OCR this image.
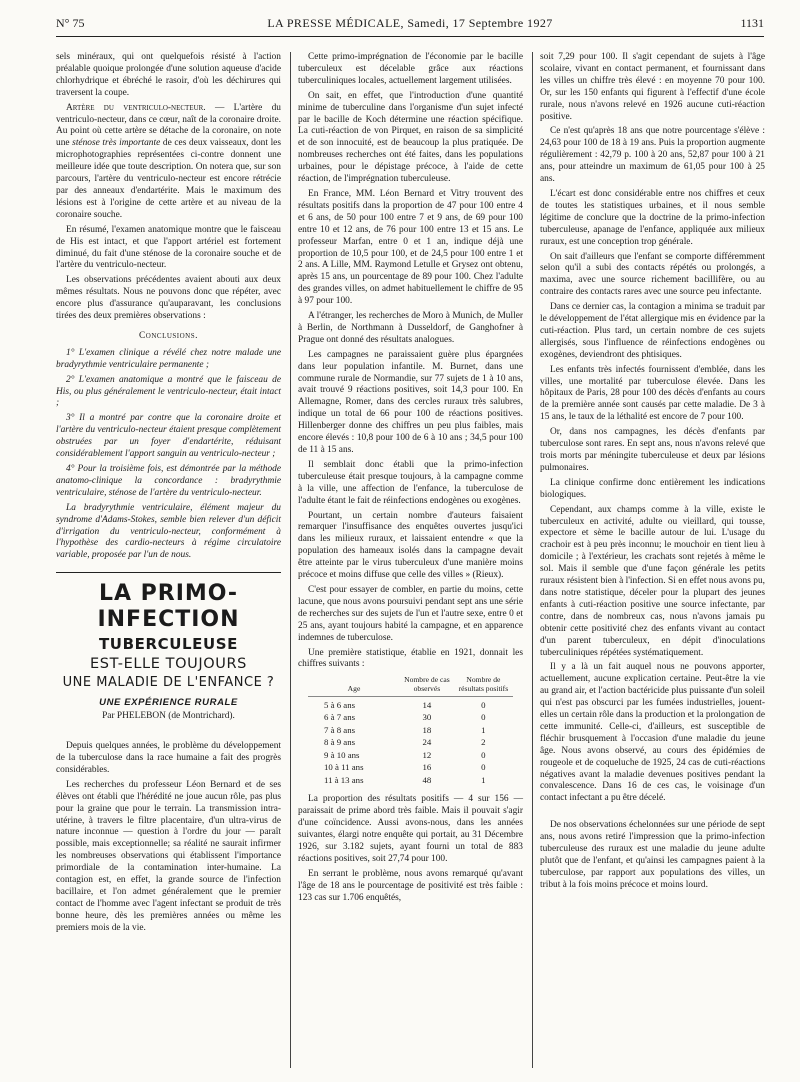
N° 75	LA PRESSE MÉDICALE, Samedi, 17 Septembre 1927	1131

sels minéraux, qui ont quelquefois résisté à l'action préalable quoique prolongée d'une solution aqueuse d'acide chlorhydrique et ébréché le rasoir, d'où les déchirures qui traversent la coupe.

Artère du ventriculo-necteur. — L'artère du ventriculo-necteur, dans ce cœur, naît de la coronaire droite. Au point où cette artère se détache de la coronaire, on note une sténose très importante de ces deux vaisseaux, dont les microphotographies représentées ci-contre donnent une meilleure idée que toute description. On notera que, sur son parcours, l'artère du ventriculo-necteur est encore rétrécie par des anneaux d'endartérite. Mais le maximum des lésions est à l'origine de cette artère et au niveau de la coronaire souche.

En résumé, l'examen anatomique montre que le faisceau de His est intact, et que l'apport artériel est fortement diminué, du fait d'une sténose de la coronaire souche et de l'artère du ventriculo-necteur.

Les observations précédentes avaient abouti aux deux mêmes résultats. Nous ne pouvons donc que répéter, avec encore plus d'assurance qu'auparavant, les conclusions tirées des deux premières observations :

Conclusions.

1° L'examen clinique a révélé chez notre malade une bradyrythmie ventriculaire permanente ;

2° L'examen anatomique a montré que le faisceau de His, ou plus généralement le ventriculo-necteur, était intact ;

3° Il a montré par contre que la coronaire droite et l'artère du ventriculo-necteur étaient presque complètement obstruées par un foyer d'endartérite, réduisant considérablement l'apport sanguin au ventriculo-necteur ;

4° Pour la troisième fois, est démontrée par la méthode anatomo-clinique la concordance : bradyrythmie ventriculaire, sténose de l'artère du ventriculo-necteur.

La bradyrythmie ventriculaire, élément majeur du syndrome d'Adams-Stokes, semble bien relever d'un déficit d'irrigation du ventriculo-necteur, conformément à l'hypothèse des cardio-necteurs à régime circulatoire variable, proposée par l'un de nous.

LA PRIMO-INFECTION
TUBERCULEUSE
EST-ELLE TOUJOURS
UNE MALADIE DE L'ENFANCE ?
UNE EXPÉRIENCE RURALE
Par PHELEBON (de Montrichard).

Depuis quelques années, le problème du développement de la tuberculose dans la race humaine a fait des progrès considérables.

Les recherches du professeur Léon Bernard et de ses élèves ont établi que l'hérédité ne joue aucun rôle, pas plus pour la graine que pour le terrain. La transmission intra-utérine, à travers le filtre placentaire, d'un ultra-virus de nature inconnue — question à l'ordre du jour — paraît possible, mais exceptionnelle; sa réalité ne saurait infirmer les nombreuses observations qui établissent l'importance primordiale de la contamination inter-humaine. La contagion est, en effet, la grande source de l'infection bacillaire, et l'on admet généralement que le premier contact de l'homme avec l'agent infectant se produit de très bonne heure, dès les premières années ou même les premiers mois de la vie.

Cette primo-imprégnation de l'économie par le bacille tuberculeux est décelable grâce aux réactions tuberculiniques locales, actuellement largement utilisées.

On sait, en effet, que l'introduction d'une quantité minime de tuberculine dans l'organisme d'un sujet infecté par le bacille de Koch détermine une réaction spécifique. La cuti-réaction de von Pirquet, en raison de sa simplicité et de son innocuité, est de beaucoup la plus pratiquée. De nombreuses recherches ont été faites, dans les populations urbaines, pour le dépistage précoce, à l'aide de cette réaction, de l'imprégnation tuberculeuse.

En France, MM. Léon Bernard et Vitry trouvent des résultats positifs dans la proportion de 47 pour 100 entre 4 et 6 ans, de 50 pour 100 entre 7 et 9 ans, de 69 pour 100 entre 10 et 12 ans, de 76 pour 100 entre 13 et 15 ans. Le professeur Marfan, entre 0 et 1 an, indique déjà une proportion de 10,5 pour 100, et de 24,5 pour 100 entre 1 et 2 ans. A Lille, MM. Raymond Letulle et Grysez ont obtenu, après 15 ans, un pourcentage de 89 pour 100. Chez l'adulte des grandes villes, on admet habituellement le chiffre de 95 à 97 pour 100.

A l'étranger, les recherches de Moro à Munich, de Muller à Berlin, de Northmann à Dusseldorf, de Ganghofner à Prague ont donné des résultats analogues.

Les campagnes ne paraissaient guère plus épargnées dans leur population infantile. M. Burnet, dans une commune rurale de Normandie, sur 77 sujets de 1 à 10 ans, avait trouvé 9 réactions positives, soit 14,3 pour 100. En Allemagne, Romer, dans des cercles ruraux très salubres, indique un total de 66 pour 100 de réactions positives. Hillenberger donne des chiffres un peu plus faibles, mais encore élevés : 10,8 pour 100 de 6 à 10 ans ; 34,5 pour 100 de 11 à 15 ans.

Il semblait donc établi que la primo-infection tuberculeuse était presque toujours, à la campagne comme à la ville, une affection de l'enfance, la tuberculose de l'adulte étant le fait de réinfections endogènes ou exogènes.

Pourtant, un certain nombre d'auteurs faisaient remarquer l'insuffisance des enquêtes ouvertes jusqu'ici dans les milieux ruraux, et laissaient entendre « que la population des hameaux isolés dans la campagne devait être atteinte par le virus tuberculeux d'une manière moins précoce et moins diffuse que celle des villes » (Rieux).

C'est pour essayer de combler, en partie du moins, cette lacune, que nous avons poursuivi pendant sept ans une série de recherches sur des sujets de l'un et l'autre sexe, entre 0 et 25 ans, ayant toujours habité la campagne, et en apparence indemnes de tuberculose.

Une première statistique, établie en 1921, donnait les chiffres suivants :

Age	Nombre de cas observés	Nombre de résultats positifs
5 à 6 ans	14	0
6 à 7 ans	30	0
7 à 8 ans	18	1
8 à 9 ans	24	2
9 à 10 ans	12	0
10 à 11 ans	16	0
11 à 13 ans	48	1

La proportion des résultats positifs — 4 sur 156 — paraissait de prime abord très faible. Mais il pouvait s'agir d'une coïncidence. Aussi avons-nous, dans les années suivantes, élargi notre enquête qui portait, au 31 Décembre 1926, sur 3.182 sujets, ayant fourni un total de 883 réactions positives, soit 27,74 pour 100.

En serrant le problème, nous avons remarqué qu'avant l'âge de 18 ans le pourcentage de positivité est très faible : 123 cas sur 1.706 enquêtés,

soit 7,29 pour 100. Il s'agit cependant de sujets à l'âge scolaire, vivant en contact permanent, et fournissant dans les villes un chiffre très élevé : en moyenne 70 pour 100. Or, sur les 150 enfants qui figurent à l'effectif d'une école rurale, nous n'avons relevé en 1926 aucune cuti-réaction positive.

Ce n'est qu'après 18 ans que notre pourcentage s'élève : 24,63 pour 100 de 18 à 19 ans. Puis la proportion augmente régulièrement : 42,79 p. 100 à 20 ans, 52,87 pour 100 à 21 ans, pour atteindre un maximum de 61,05 pour 100 à 25 ans.

L'écart est donc considérable entre nos chiffres et ceux de toutes les statistiques urbaines, et il nous semble légitime de conclure que la doctrine de la primo-infection tuberculeuse, apanage de l'enfance, appliquée aux milieux ruraux, est une conception trop générale.

On sait d'ailleurs que l'enfant se comporte différemment selon qu'il a subi des contacts répétés ou prolongés, a maxima, avec une source richement bacillifère, ou au contraire des contacts rares avec une source peu infectante.

Dans ce dernier cas, la contagion a minima se traduit par le développement de l'état allergique mis en évidence par la cuti-réaction. Plus tard, un certain nombre de ces sujets allergisés, sous l'influence de réinfections endogènes ou exogènes, deviendront des phtisiques.

Les enfants très infectés fournissent d'emblée, dans les villes, une mortalité par tuberculose élevée. Dans les hôpitaux de Paris, 28 pour 100 des décès d'enfants au cours de la première année sont causés par cette maladie. De 3 à 15 ans, le taux de la léthalité est encore de 7 pour 100.

Or, dans nos campagnes, les décès d'enfants par tuberculose sont rares. En sept ans, nous n'avons relevé que trois morts par méningite tuberculeuse et deux par lésions pulmonaires.

La clinique confirme donc entièrement les indications biologiques.

Cependant, aux champs comme à la ville, existe le tuberculeux en activité, adulte ou vieillard, qui tousse, expectore et sème le bacille autour de lui. L'usage du crachoir est à peu près inconnu; le mouchoir en tient lieu à domicile ; à l'extérieur, les crachats sont rejetés à même le sol. Mais il semble que d'une façon générale les petits ruraux résistent bien à l'infection. Si en effet nous avons pu, dans notre statistique, déceler pour la plupart des jeunes enfants à cuti-réaction positive une source infectante, par contre, dans de nombreux cas, nous n'avons jamais pu obtenir cette positivité chez des enfants vivant au contact d'un parent tuberculeux, en dépit d'inoculations tuberculiniques répétées systématiquement.

Il y a là un fait auquel nous ne pouvons apporter, actuellement, aucune explication certaine. Peut-être la vie au grand air, et l'action bactéricide plus puissante d'un soleil qui n'est pas obscurci par les fumées industrielles, jouent-elles un certain rôle dans la production et la prolongation de cette immunité. Celle-ci, d'ailleurs, est susceptible de fléchir brusquement à l'occasion d'une maladie du jeune âge. Nous avons observé, au cours des épidémies de rougeole et de coqueluche de 1925, 24 cas de cuti-réactions négatives avant la maladie devenues positives pendant la convalescence. Dans 16 de ces cas, le voisinage d'un contact infectant a pu être décelé.

De nos observations échelonnées sur une période de sept ans, nous avons retiré l'impression que la primo-infection tuberculeuse des ruraux est une maladie du jeune adulte plutôt que de l'enfant, et qu'ainsi les campagnes paient à la tuberculose, par rapport aux populations des villes, un tribut à la fois moins précoce et moins lourd.
